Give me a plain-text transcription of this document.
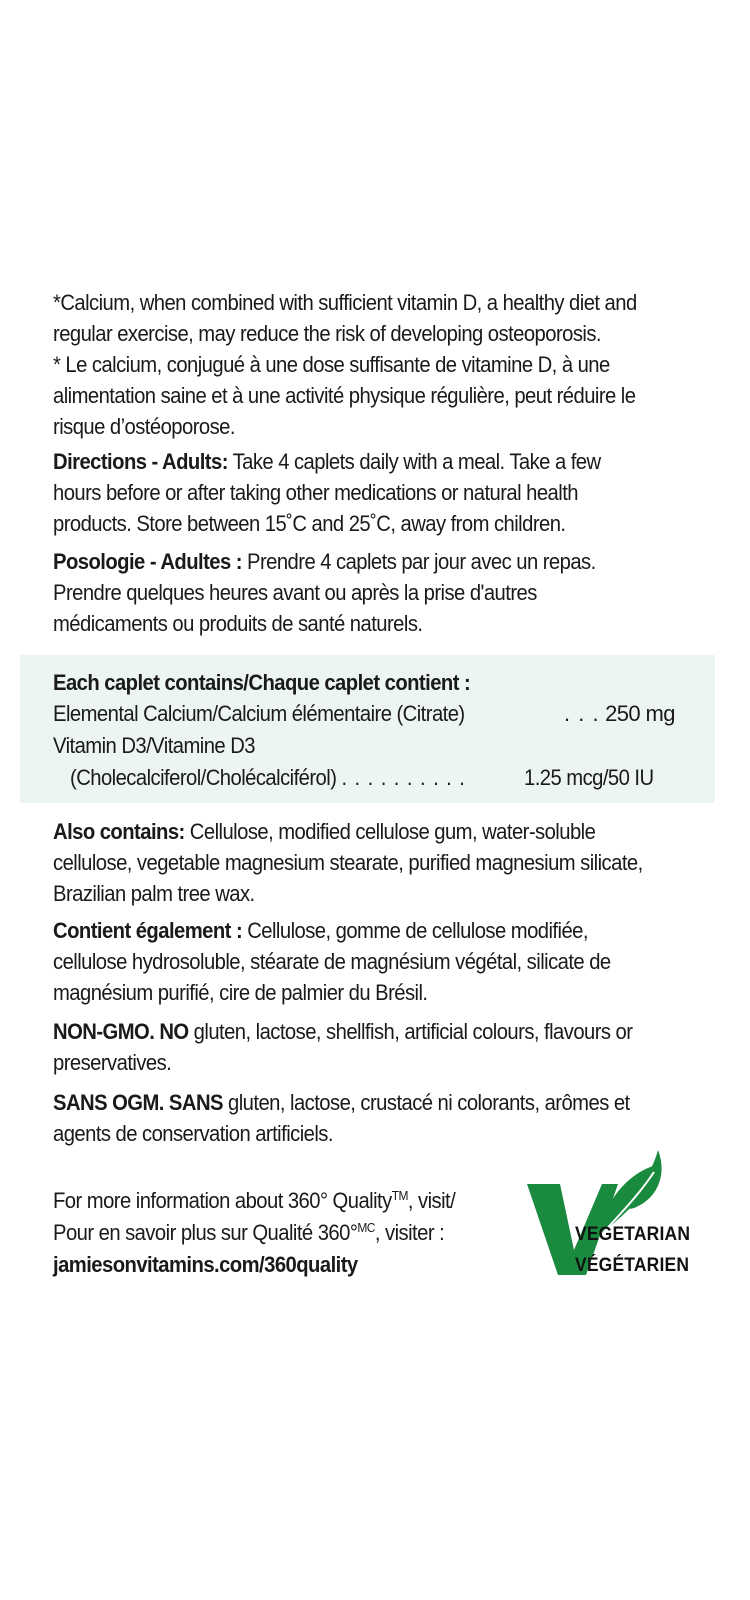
*Calcium, when combined with sufficient vitamin D, a healthy diet and regular exercise, may reduce the risk of developing osteoporosis.

* Le calcium, conjugué à une dose suffisante de vitamine D, à une alimentation saine et à une activité physique régulière, peut réduire le risque d’ostéoporose.

Directions - Adults: Take 4 caplets daily with a meal. Take a few hours before or after taking other medications or natural health products. Store between 15˚C and 25˚C, away from children.

Posologie - Adultes : Prendre 4 caplets par jour avec un repas. Prendre quelques heures avant ou après la prise d'autres médicaments ou produits de santé naturels.

Each caplet contains/Chaque caplet contient :
Elemental Calcium/Calcium élémentaire (Citrate)	. . . 250 mg
Vitamin D3/Vitamine D3
(Cholecalciferol/Cholécalciférol) . . . . . . . . . .	1.25 mcg/50 IU

Also contains: Cellulose, modified cellulose gum, water-soluble cellulose, vegetable magnesium stearate, purified magnesium silicate, Brazilian palm tree wax.

Contient également : Cellulose, gomme de cellulose modifiée, cellulose hydrosoluble, stéarate de magnésium végétal, silicate de magnésium purifié, cire de palmier du Brésil.

NON-GMO. NO gluten, lactose, shellfish, artificial colours, flavours or preservatives.

SANS OGM. SANS gluten, lactose, crustacé ni colorants, arômes et agents de conservation artificiels.

For more information about 360° Quality™, visit/
Pour en savoir plus sur Qualité 360°$^{MC}$, visiter :
jamiesonvitamins.com/360quality
VEGETARIAN
VÉGÉTARIEN
